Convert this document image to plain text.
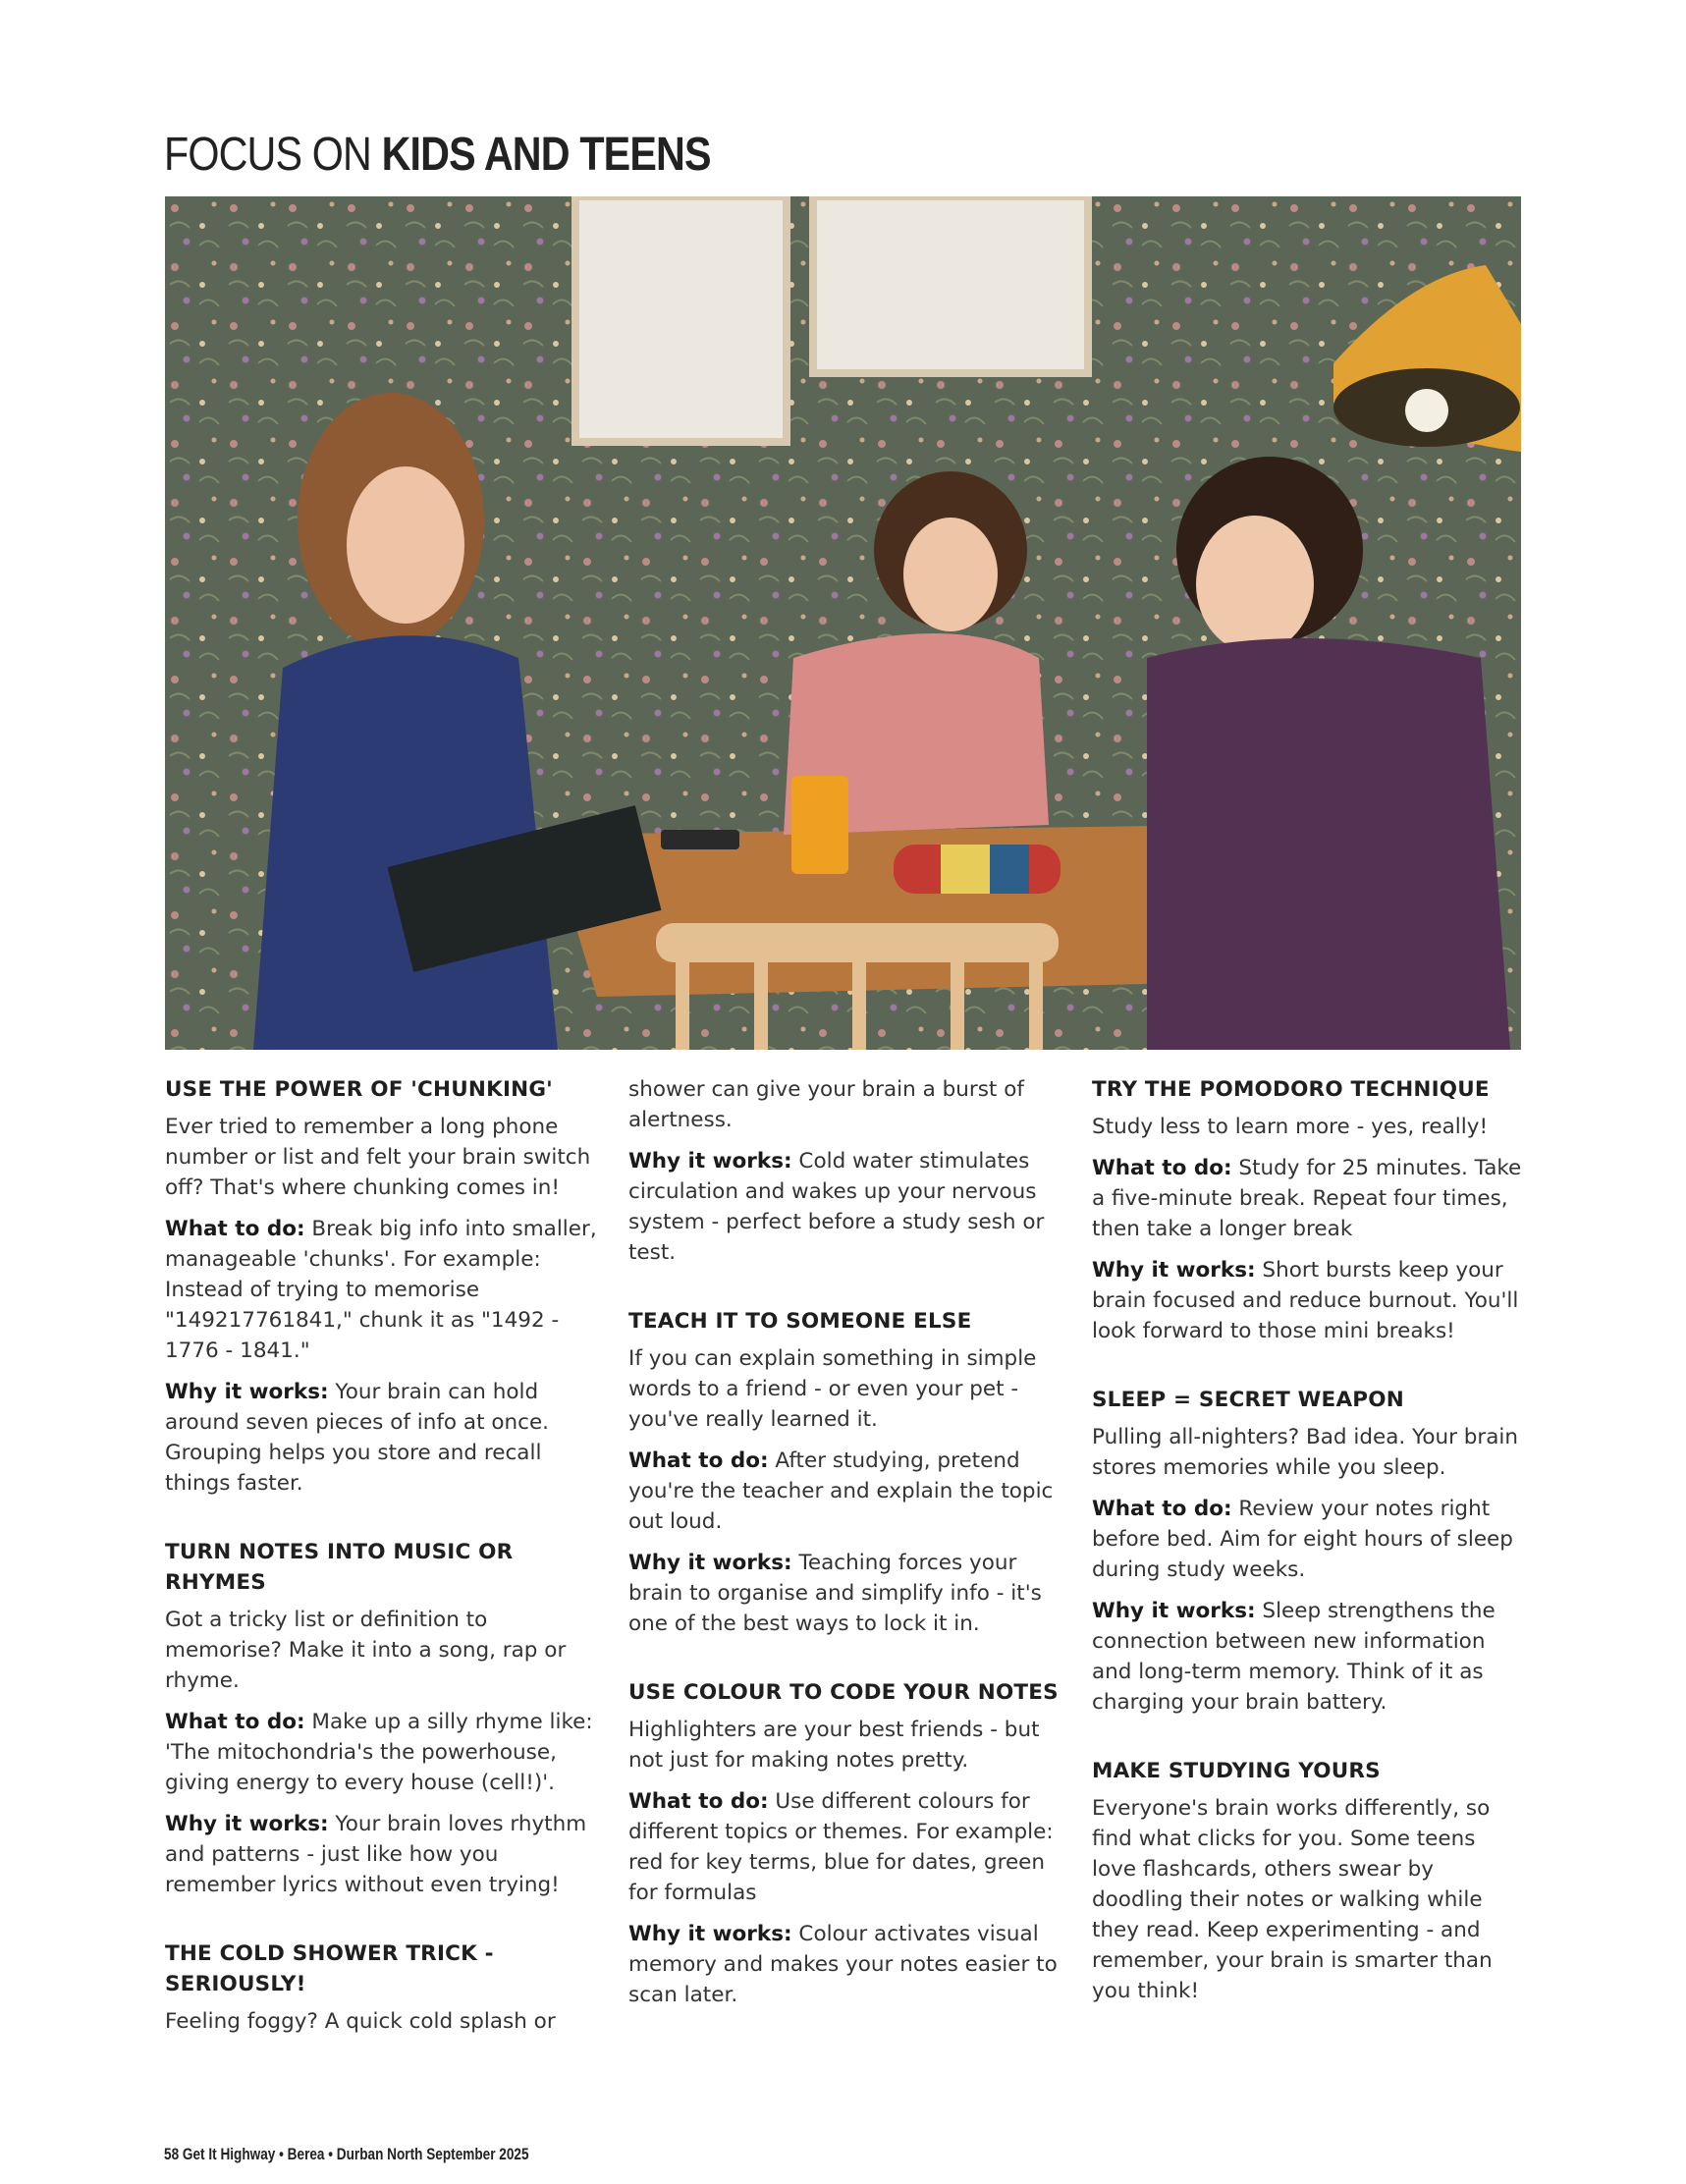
FOCUS ON KIDS AND TEENS
USE THE POWER OF 'CHUNKING'

Ever tried to remember a long phone number or list and felt your brain switch off? That's where chunking comes in!

What to do: Break big info into smaller, manageable 'chunks'. For example: Instead of trying to memorise "149217761841," chunk it as "1492 - 1776 - 1841."

Why it works: Your brain can hold around seven pieces of info at once. Grouping helps you store and recall things faster.

TURN NOTES INTO MUSIC OR RHYMES

Got a tricky list or definition to memorise? Make it into a song, rap or rhyme.

What to do: Make up a silly rhyme like: 'The mitochondria's the powerhouse, giving energy to every house (cell!)'.

Why it works: Your brain loves rhythm and patterns - just like how you remember lyrics without even trying!

THE COLD SHOWER TRICK - SERIOUSLY!

Feeling foggy? A quick cold splash or

shower can give your brain a burst of alertness.

Why it works: Cold water stimulates circulation and wakes up your nervous system - perfect before a study sesh or test.

TEACH IT TO SOMEONE ELSE

If you can explain something in simple words to a friend - or even your pet - you've really learned it.

What to do: After studying, pretend you're the teacher and explain the topic out loud.

Why it works: Teaching forces your brain to organise and simplify info - it's one of the best ways to lock it in.

USE COLOUR TO CODE YOUR NOTES

Highlighters are your best friends - but not just for making notes pretty.

What to do: Use different colours for different topics or themes. For example: red for key terms, blue for dates, green for formulas

Why it works: Colour activates visual memory and makes your notes easier to scan later.

TRY THE POMODORO TECHNIQUE

Study less to learn more - yes, really!

What to do: Study for 25 minutes. Take a five-minute break. Repeat four times, then take a longer break

Why it works: Short bursts keep your brain focused and reduce burnout. You'll look forward to those mini breaks!

SLEEP = SECRET WEAPON

Pulling all-nighters? Bad idea. Your brain stores memories while you sleep.

What to do: Review your notes right before bed. Aim for eight hours of sleep during study weeks.

Why it works: Sleep strengthens the connection between new information and long-term memory. Think of it as charging your brain battery.

MAKE STUDYING YOURS

Everyone's brain works differently, so find what clicks for you. Some teens love flashcards, others swear by doodling their notes or walking while they read. Keep experimenting - and remember, your brain is smarter than you think!

58 Get It Highway • Berea • Durban North September 2025
